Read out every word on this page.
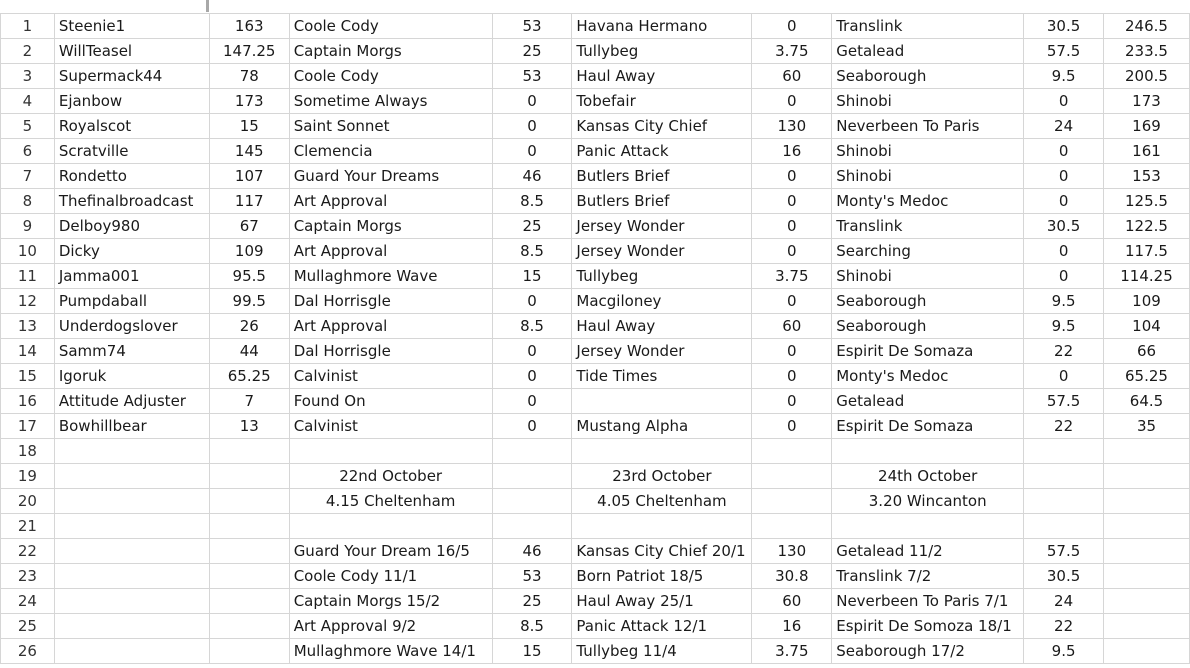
1	Steenie1	163	Coole Cody	53	Havana Hermano	0	Translink	30.5	246.5
2	WillTeasel	147.25	Captain Morgs	25	Tullybeg	3.75	Getalead	57.5	233.5
3	Supermack44	78	Coole Cody	53	Haul Away	60	Seaborough	9.5	200.5
4	Ejanbow	173	Sometime Always	0	Tobefair	0	Shinobi	0	173
5	Royalscot	15	Saint Sonnet	0	Kansas City Chief	130	Neverbeen To Paris	24	169
6	Scratville	145	Clemencia	0	Panic Attack	16	Shinobi	0	161
7	Rondetto	107	Guard Your Dreams	46	Butlers Brief	0	Shinobi	0	153
8	Thefinalbroadcast	117	Art Approval	8.5	Butlers Brief	0	Monty's Medoc	0	125.5
9	Delboy980	67	Captain Morgs	25	Jersey Wonder	0	Translink	30.5	122.5
10	Dicky	109	Art Approval	8.5	Jersey Wonder	0	Searching	0	117.5
11	Jamma001	95.5	Mullaghmore Wave	15	Tullybeg	3.75	Shinobi	0	114.25
12	Pumpdaball	99.5	Dal Horrisgle	0	Macgiloney	0	Seaborough	9.5	109
13	Underdogslover	26	Art Approval	8.5	Haul Away	60	Seaborough	9.5	104
14	Samm74	44	Dal Horrisgle	0	Jersey Wonder	0	Espirit De Somaza	22	66
15	Igoruk	65.25	Calvinist	0	Tide Times	0	Monty's Medoc	0	65.25
16	Attitude Adjuster	7	Found On	0		0	Getalead	57.5	64.5
17	Bowhillbear	13	Calvinist	0	Mustang Alpha	0	Espirit De Somaza	22	35
18									
19			22nd October		23rd October		24th October		
20			4.15 Cheltenham		4.05 Cheltenham		3.20 Wincanton		
21									
22			Guard Your Dream 16/5	46	Kansas City Chief 20/1	130	Getalead 11/2	57.5	
23			Coole Cody 11/1	53	Born Patriot 18/5	30.8	Translink 7/2	30.5	
24			Captain Morgs 15/2	25	Haul Away 25/1	60	Neverbeen To Paris 7/1	24	
25			Art Approval 9/2	8.5	Panic Attack 12/1	16	Espirit De Somoza 18/1	22	
26			Mullaghmore Wave 14/1	15	Tullybeg 11/4	3.75	Seaborough 17/2	9.5	
